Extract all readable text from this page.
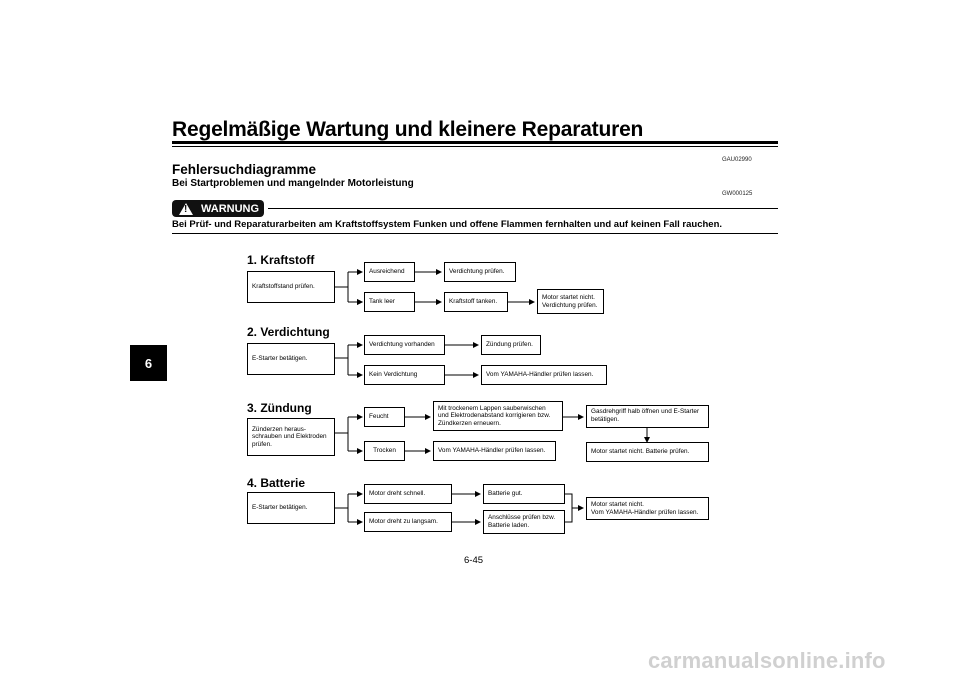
Regelmäßige Wartung und kleinere Reparaturen
GAU02990
Fehlersuchdiagramme
Bei Startproblemen und mangelnder Motorleistung
GW000125
! WARNUNG
Bei Prüf- und Reparaturarbeiten am Kraftstoffsystem Funken und offene Flammen fernhalten und auf keinen Fall rauchen.
6
1. Kraftstoff
Kraftstoffstand prüfen.
Ausreichend	Verdichtung prüfen.
Tank leer	Kraftstoff tanken.
Motor startet nicht.
Verdichtung prüfen.
2. Verdichtung
E-Starter betätigen.
Verdichtung vorhanden	Zündung prüfen.
Kein Verdichtung	Vom YAMAHA-Händler prüfen lassen.
3. Zündung
Zünderzen heraus-
schrauben und Elektroden
prüfen.
Feucht
Mit trockenem Lappen sauberwischen
und Elektrodenabstand korrigieren bzw.
Zündkerzen erneuern.
Gasdrehgriff halb öffnen und E-Starter
betätigen.
Motor startet nicht. Batterie prüfen.
Trocken	Vom YAMAHA-Händler prüfen lassen.
4. Batterie
E-Starter betätigen.
Motor dreht schnell.	Batterie gut.
Motor dreht zu langsam.
Anschlüsse prüfen bzw.
Batterie laden.
Motor startet nicht.
Vom YAMAHA-Händler prüfen lassen.
6-45
carmanualsonline.info
